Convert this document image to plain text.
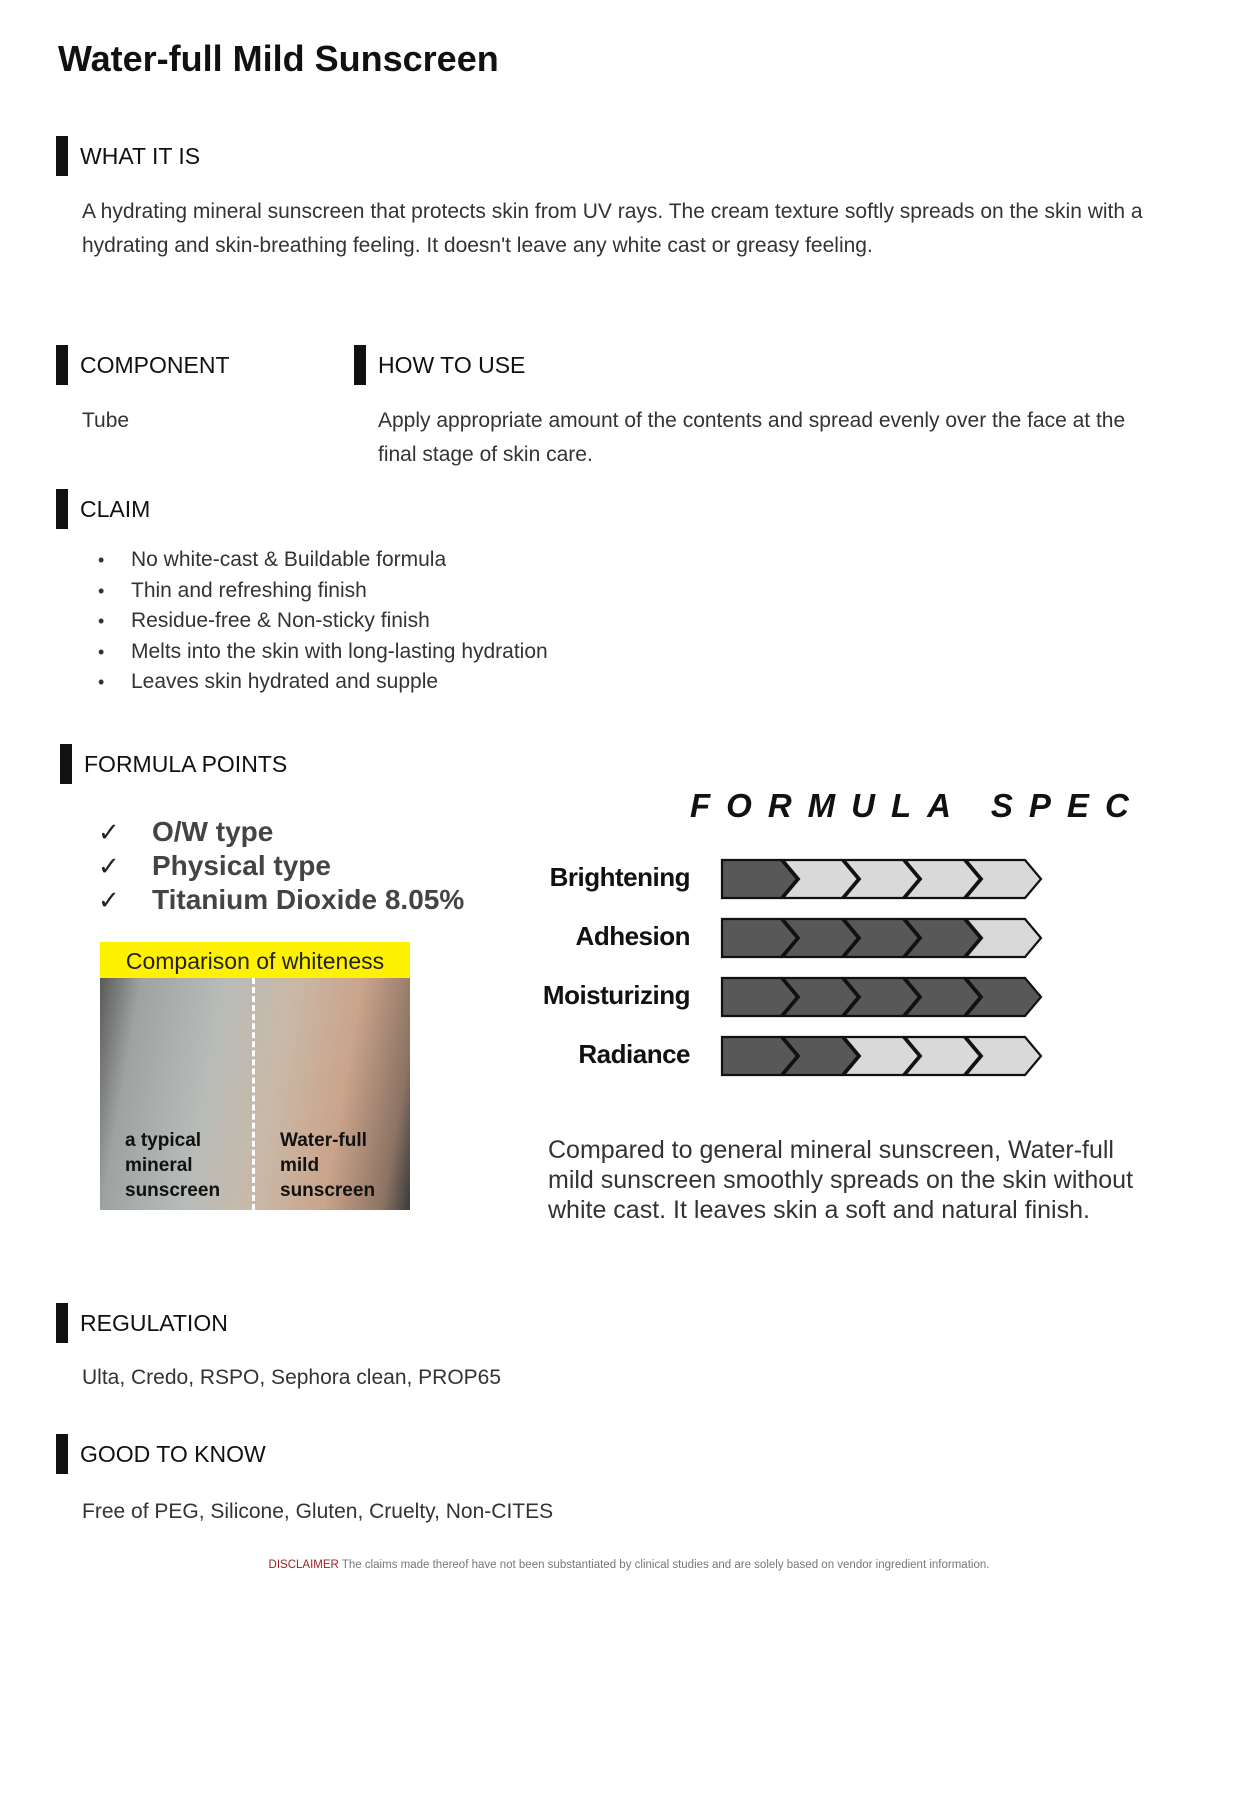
Water-full Mild Sunscreen
WHAT IT IS
A hydrating mineral sunscreen that protects skin from UV rays. The cream texture softly spreads on the skin with a
hydrating and skin-breathing feeling. It doesn't leave any white cast or greasy feeling.
COMPONENT
Tube
HOW TO USE
Apply appropriate amount of the contents and spread evenly over the face at the
final stage of skin care.
CLAIM
•	No white-cast & Buildable formula
•	Thin and refreshing finish
•	Residue-free & Non-sticky finish
•	Melts into the skin with long-lasting hydration
•	Leaves skin hydrated and supple
FORMULA POINTS
✓	O/W type
✓	Physical type
✓	Titanium Dioxide 8.05%
Comparison of whiteness
a typical
mineral
sunscreen
Water-full
mild
sunscreen
FORMULA SPEC
Brightening
Adhesion
Moisturizing
Radiance
Compared to general mineral sunscreen, Water-full
mild sunscreen smoothly spreads on the skin without
white cast. It leaves skin a soft and natural finish.
REGULATION
Ulta, Credo, RSPO, Sephora clean, PROP65
GOOD TO KNOW
Free of PEG, Silicone, Gluten, Cruelty, Non-CITES
DISCLAIMER The claims made thereof have not been substantiated by clinical studies and are solely based on vendor ingredient information.
